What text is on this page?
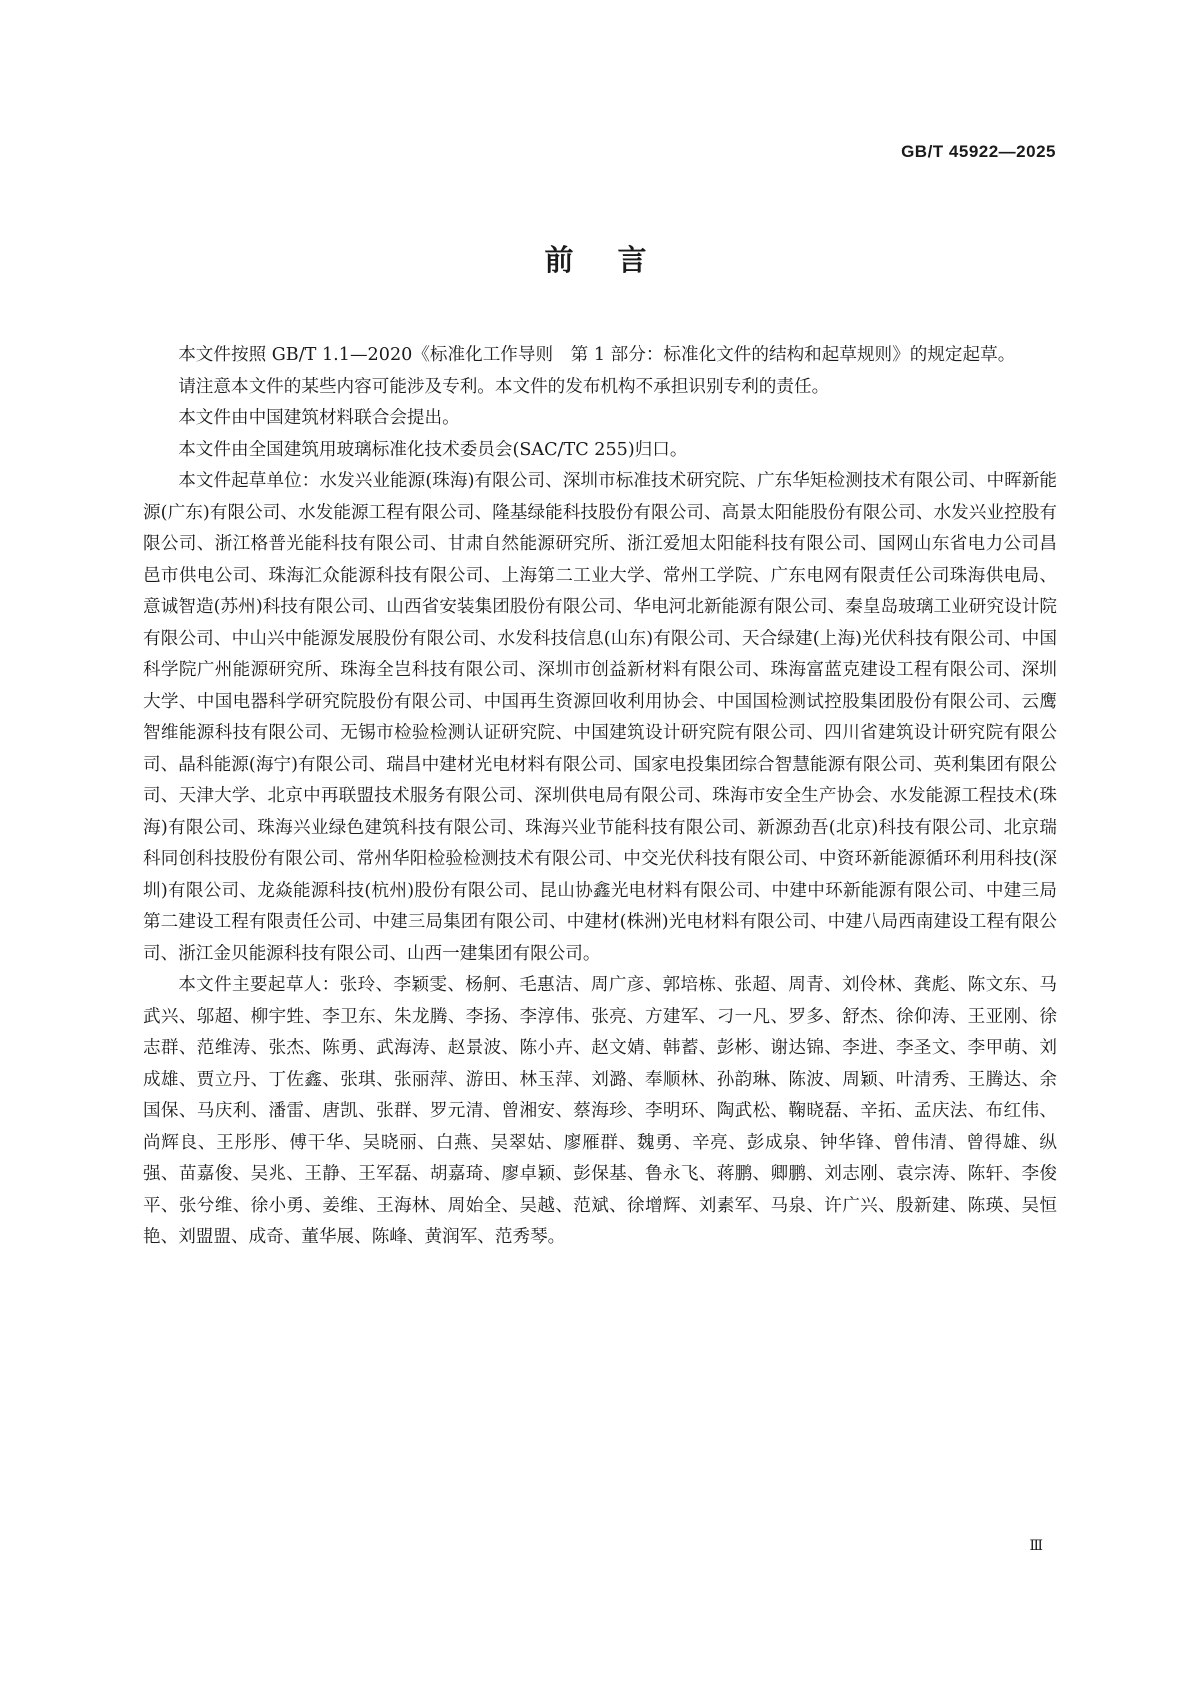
GB/T 45922—2025
前言

本文件按照 GB/T 1.1—2020《标准化工作导则　第 1 部分：标准化文件的结构和起草规则》的规定起草。

请注意本文件的某些内容可能涉及专利。本文件的发布机构不承担识别专利的责任。

本文件由中国建筑材料联合会提出。

本文件由全国建筑用玻璃标准化技术委员会(SAC/TC 255)归口。

本文件起草单位：水发兴业能源(珠海)有限公司、深圳市标准技术研究院、广东华矩检测技术有限公司、中晖新能源(广东)有限公司、水发能源工程有限公司、隆基绿能科技股份有限公司、高景太阳能股份有限公司、水发兴业控股有限公司、浙江格普光能科技有限公司、甘肃自然能源研究所、浙江爱旭太阳能科技有限公司、国网山东省电力公司昌邑市供电公司、珠海汇众能源科技有限公司、上海第二工业大学、常州工学院、广东电网有限责任公司珠海供电局、意诚智造(苏州)科技有限公司、山西省安装集团股份有限公司、华电河北新能源有限公司、秦皇岛玻璃工业研究设计院有限公司、中山兴中能源发展股份有限公司、水发科技信息(山东)有限公司、天合绿建(上海)光伏科技有限公司、中国科学院广州能源研究所、珠海全岂科技有限公司、深圳市创益新材料有限公司、珠海富蓝克建设工程有限公司、深圳大学、中国电器科学研究院股份有限公司、中国再生资源回收利用协会、中国国检测试控股集团股份有限公司、云鹰智维能源科技有限公司、无锡市检验检测认证研究院、中国建筑设计研究院有限公司、四川省建筑设计研究院有限公司、晶科能源(海宁)有限公司、瑞昌中建材光电材料有限公司、国家电投集团综合智慧能源有限公司、英利集团有限公司、天津大学、北京中再联盟技术服务有限公司、深圳供电局有限公司、珠海市安全生产协会、水发能源工程技术(珠海)有限公司、珠海兴业绿色建筑科技有限公司、珠海兴业节能科技有限公司、新源劲吾(北京)科技有限公司、北京瑞科同创科技股份有限公司、常州华阳检验检测技术有限公司、中交光伏科技有限公司、中资环新能源循环利用科技(深圳)有限公司、龙焱能源科技(杭州)股份有限公司、昆山协鑫光电材料有限公司、中建中环新能源有限公司、中建三局第二建设工程有限责任公司、中建三局集团有限公司、中建材(株洲)光电材料有限公司、中建八局西南建设工程有限公司、浙江金贝能源科技有限公司、山西一建集团有限公司。

本文件主要起草人：张玲、李颖雯、杨舸、毛惠洁、周广彦、郭培栋、张超、周青、刘伶林、龚彪、陈文东、马武兴、邬超、柳宇甡、李卫东、朱龙腾、李扬、李淳伟、张亮、方建军、刁一凡、罗多、舒杰、徐仰涛、王亚刚、徐志群、范维涛、张杰、陈勇、武海涛、赵景波、陈小卉、赵文婧、韩蓄、彭彬、谢达锦、李进、李圣文、李甲萌、刘成雄、贾立丹、丁佐鑫、张琪、张丽萍、游田、林玉萍、刘潞、奉顺林、孙韵琳、陈波、周颖、叶清秀、王腾达、余国保、马庆利、潘雷、唐凯、张群、罗元清、曾湘安、蔡海珍、李明环、陶武松、鞠晓磊、辛拓、孟庆法、布红伟、尚辉良、王彤彤、傅干华、吴晓丽、白燕、吴翠姑、廖雁群、魏勇、辛亮、彭成泉、钟华锋、曾伟清、曾得雄、纵强、苗嘉俊、吴兆、王静、王军磊、胡嘉琦、廖卓颖、彭保基、鲁永飞、蒋鹏、卿鹏、刘志刚、袁宗涛、陈轩、李俊平、张兮维、徐小勇、姜维、王海林、周始全、吴越、范斌、徐增辉、刘素军、马泉、许广兴、殷新建、陈瑛、吴恒艳、刘盟盟、成奇、董华展、陈峰、黄润军、范秀琴。

Ⅲ
